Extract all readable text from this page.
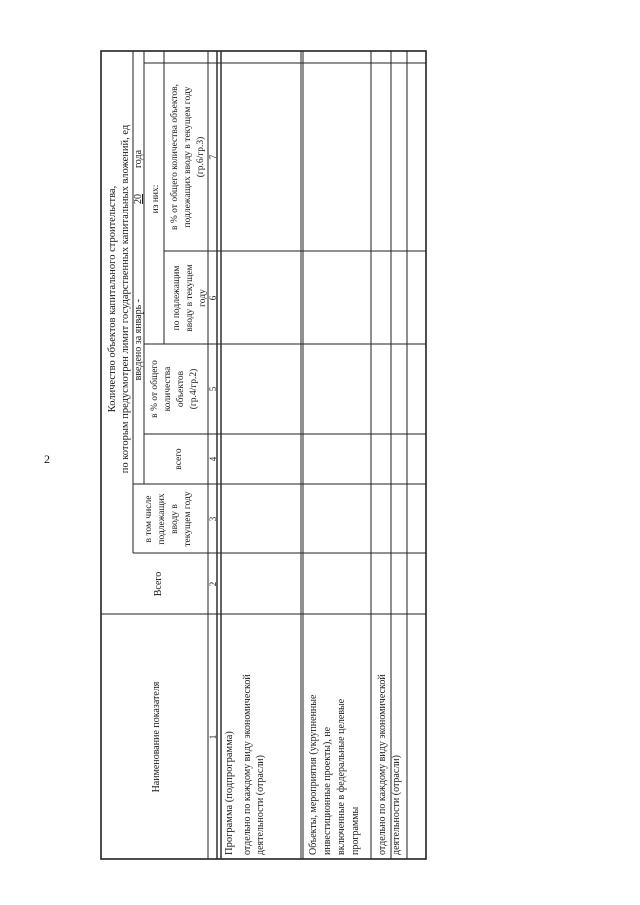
2
Количество объектов капитального строительства, по которым предусмотрен лимит государственных капитальных вложений, ед
Наименование показателя
Всего
в том числе подлежащих вводу в текущем году
введено за январь -
20
года
всего
в % от общего количества объектов (гр.4/гр.2)
из них:
по подлежащим вводу в текущем году
в % от общего количества объектов, подлежащих вводу в текущем году (гр.6/гр.3)
1
2
3
4
5
6
7
Программа (подпрограмма) отдельно по каждому виду экономической деятельности (отрасли)	Объекты, мероприятия (укрупненные инвестиционные проекты), не включенные в федеральные целевые программы отдельно по каждому виду экономической деятельности (отрасли)
